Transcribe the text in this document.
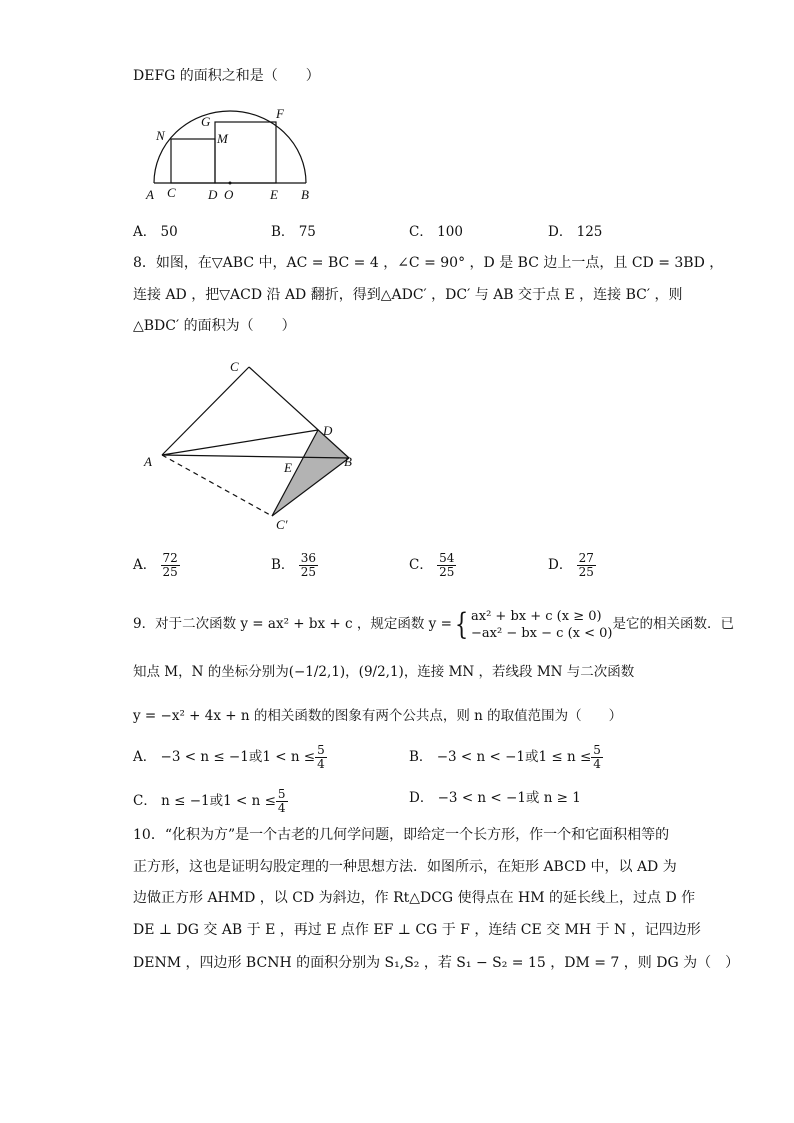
DEFG 的面积之和是（　　）
N
G
M
F
A C D O	E B
A． 50	B． 75	C． 100	D． 125
8．如图，在▽ABC 中，AC = BC = 4 ，∠C = 90° ，D 是 BC 边上一点，且 CD = 3BD ，
连接 AD ，把▽ACD 沿 AD 翻折，得到△ADC′ ，DC′ 与 AB 交于点 E ，连接 BC′ ，则
△BDC′ 的面积为（　　）
C
D
A	E	B
C′
A． $\frac{72}{25}$	B． $\frac{36}{25}$	C． $\frac{54}{25}$	D． $\frac{27}{25}$
9．对于二次函数 y = ax² + bx + c ，规定函数 y ={ ax² + bx + c (x ≥ 0)
−ax² − bx − c (x < 0)
是它的相关函数．已
知点 M，N 的坐标分别为(−1/2,1)，(9/2,1)，连接 MN ，若线段 MN 与二次函数
y = −x² + 4x + n 的相关函数的图象有两个公共点，则 n 的取值范围为（　　）
A． −3 < n ≤ −1或$1 < n \le \frac{5}{4}$	B． −3 < n < −1或$1 \le n \le \frac{5}{4}$
C． n ≤ −1或$1 < n \le \frac{5}{4}$	D． −3 < n < −1或 n ≥ 1
10．“化积为方”是一个古老的几何学问题，即给定一个长方形，作一个和它面积相等的
正方形，这也是证明勾股定理的一种思想方法．如图所示，在矩形 ABCD 中，以 AD 为
边做正方形 AHMD ，以 CD 为斜边，作 Rt△DCG 使得点在 HM 的延长线上，过点 D 作
DE ⊥ DG 交 AB 于 E ，再过 E 点作 EF ⊥ CG 于 F ，连结 CE 交 MH 于 N ，记四边形
DENM ，四边形 BCNH 的面积分别为 S₁,S₂ ，若 S₁ − S₂ = 15 ，DM = 7 ，则 DG 为（　）
